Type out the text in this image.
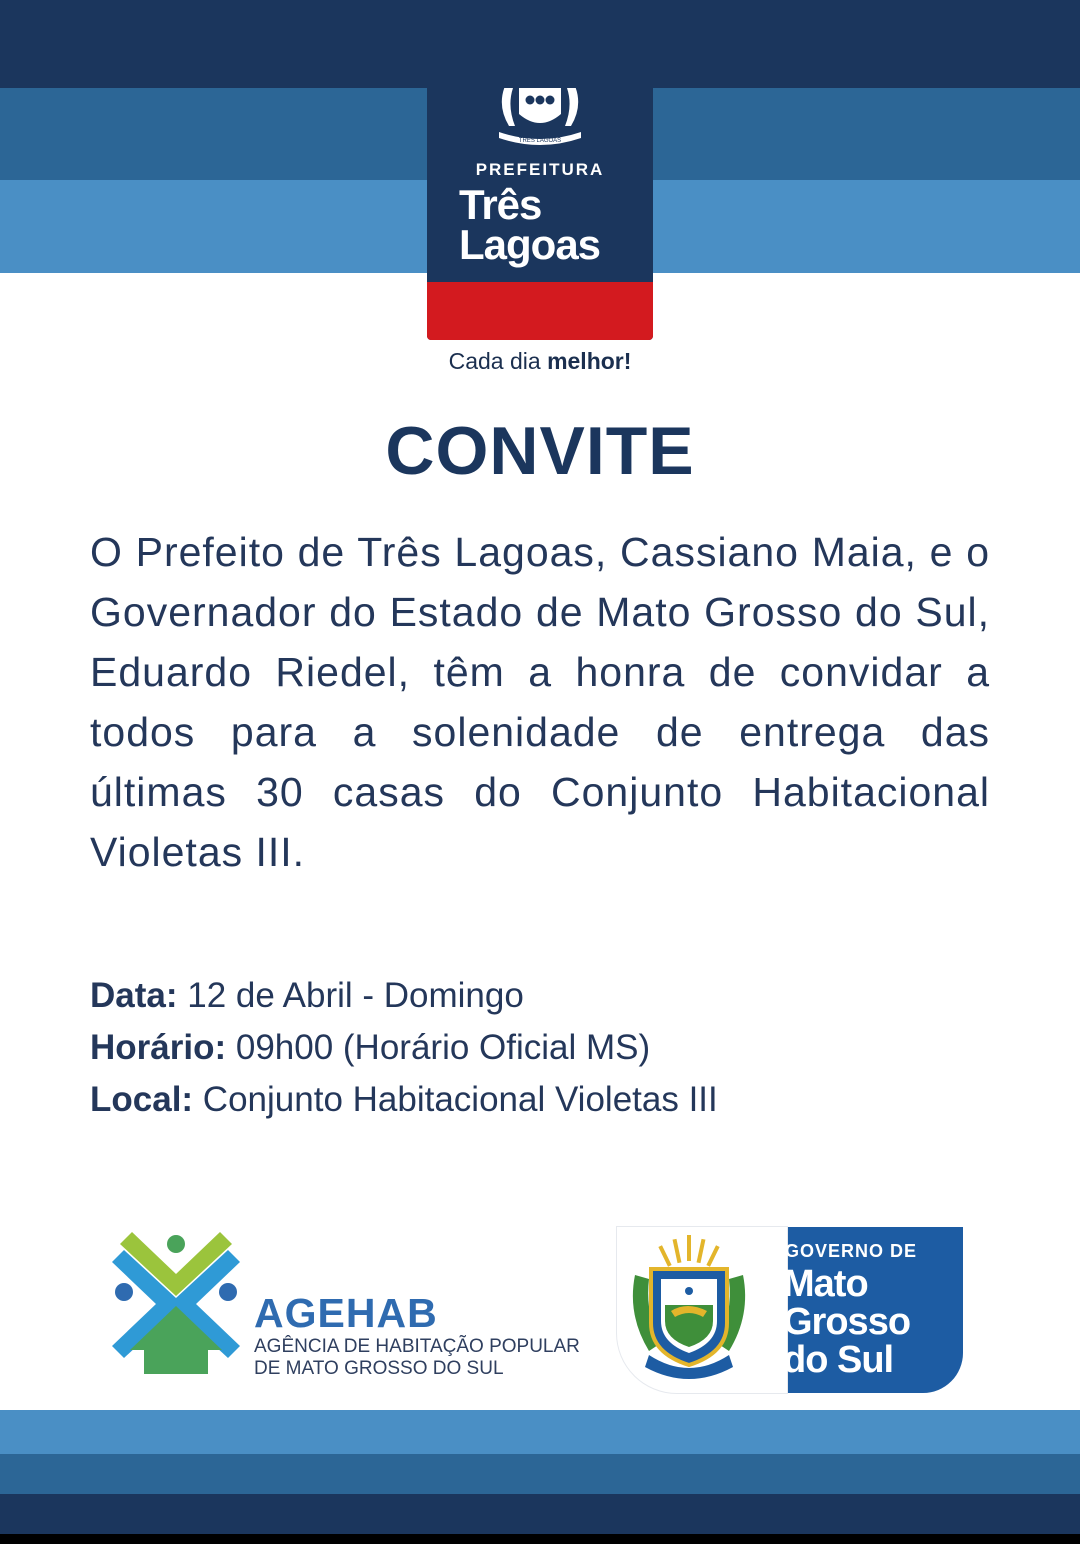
TRÊS LAGOAS
PREFEITURA
Três
Lagoas
Cada dia melhor!
CONVITE
O Prefeito de Três Lagoas, Cassiano Maia, e o Governador do Estado de Mato Grosso do Sul, Eduardo Riedel, têm a honra de convidar a todos para a solenidade de entrega das últimas 30 casas do Conjunto Habitacional Violetas III.
Data: 12 de Abril - Domingo
Horário: 09h00 (Horário Oficial MS)
Local: Conjunto Habitacional Violetas III
AGEHAB
AGÊNCIA DE HABITAÇÃO POPULAR
DE MATO GROSSO DO SUL
GOVERNO DE
Mato
Grosso
do Sul
